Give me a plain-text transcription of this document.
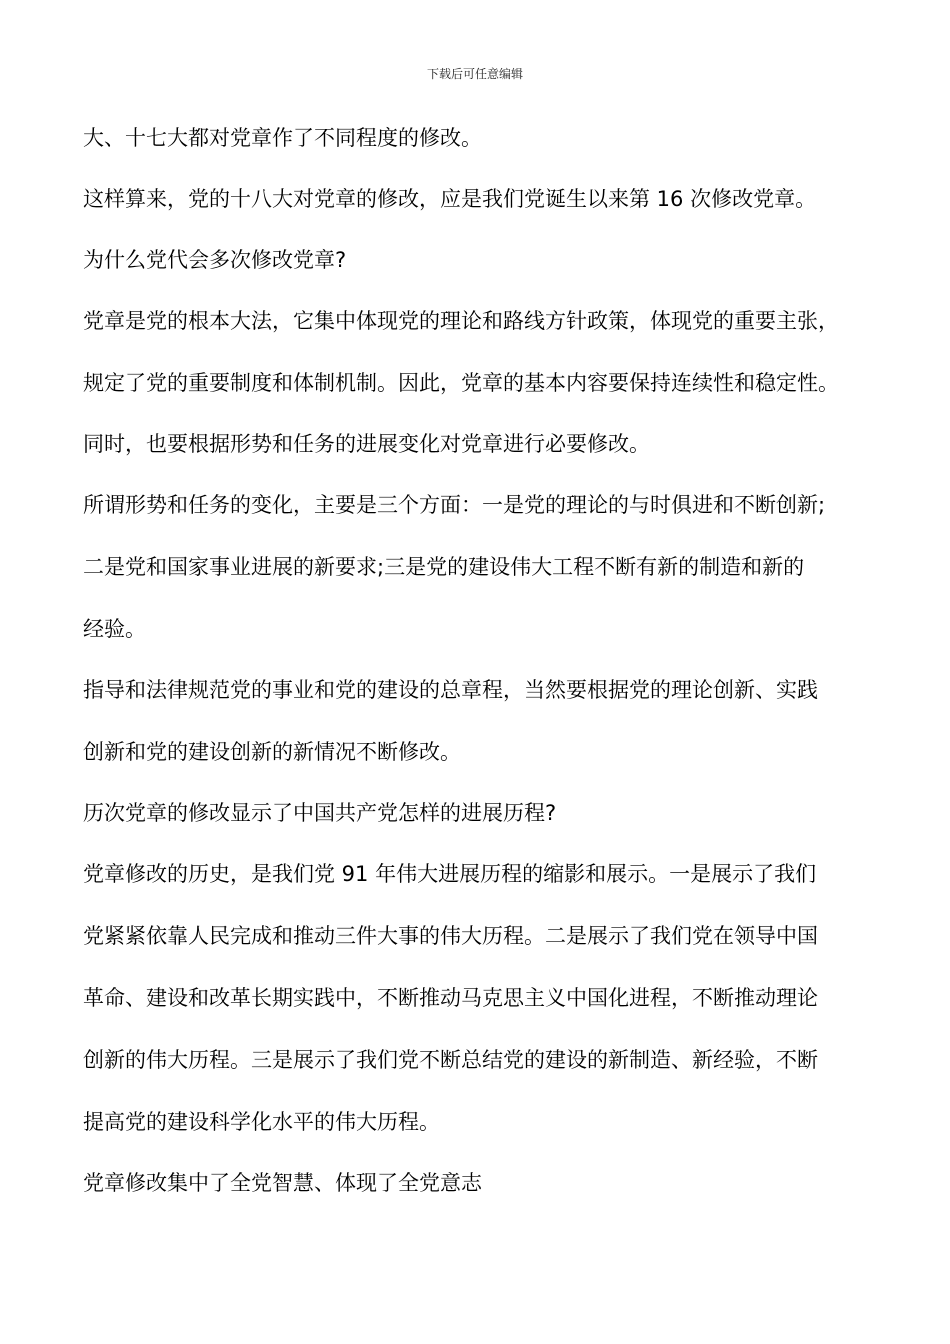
下载后可任意编辑

大、十七大都对党章作了不同程度的修改。

这样算来，党的十八大对党章的修改，应是我们党诞生以来第 16 次修改党章。

为什么党代会多次修改党章?

党章是党的根本大法，它集中体现党的理论和路线方针政策，体现党的重要主张，

规定了党的重要制度和体制机制。因此，党章的基本内容要保持连续性和稳定性。

同时，也要根据形势和任务的进展变化对党章进行必要修改。

所谓形势和任务的变化，主要是三个方面：一是党的理论的与时俱进和不断创新;

二是党和国家事业进展的新要求;三是党的建设伟大工程不断有新的制造和新的

经验。

指导和法律规范党的事业和党的建设的总章程，当然要根据党的理论创新、实践

创新和党的建设创新的新情况不断修改。

历次党章的修改显示了中国共产党怎样的进展历程?

党章修改的历史，是我们党 91 年伟大进展历程的缩影和展示。一是展示了我们

党紧紧依靠人民完成和推动三件大事的伟大历程。二是展示了我们党在领导中国

革命、建设和改革长期实践中，不断推动马克思主义中国化进程，不断推动理论

创新的伟大历程。三是展示了我们党不断总结党的建设的新制造、新经验，不断

提高党的建设科学化水平的伟大历程。

党章修改集中了全党智慧、体现了全党意志
